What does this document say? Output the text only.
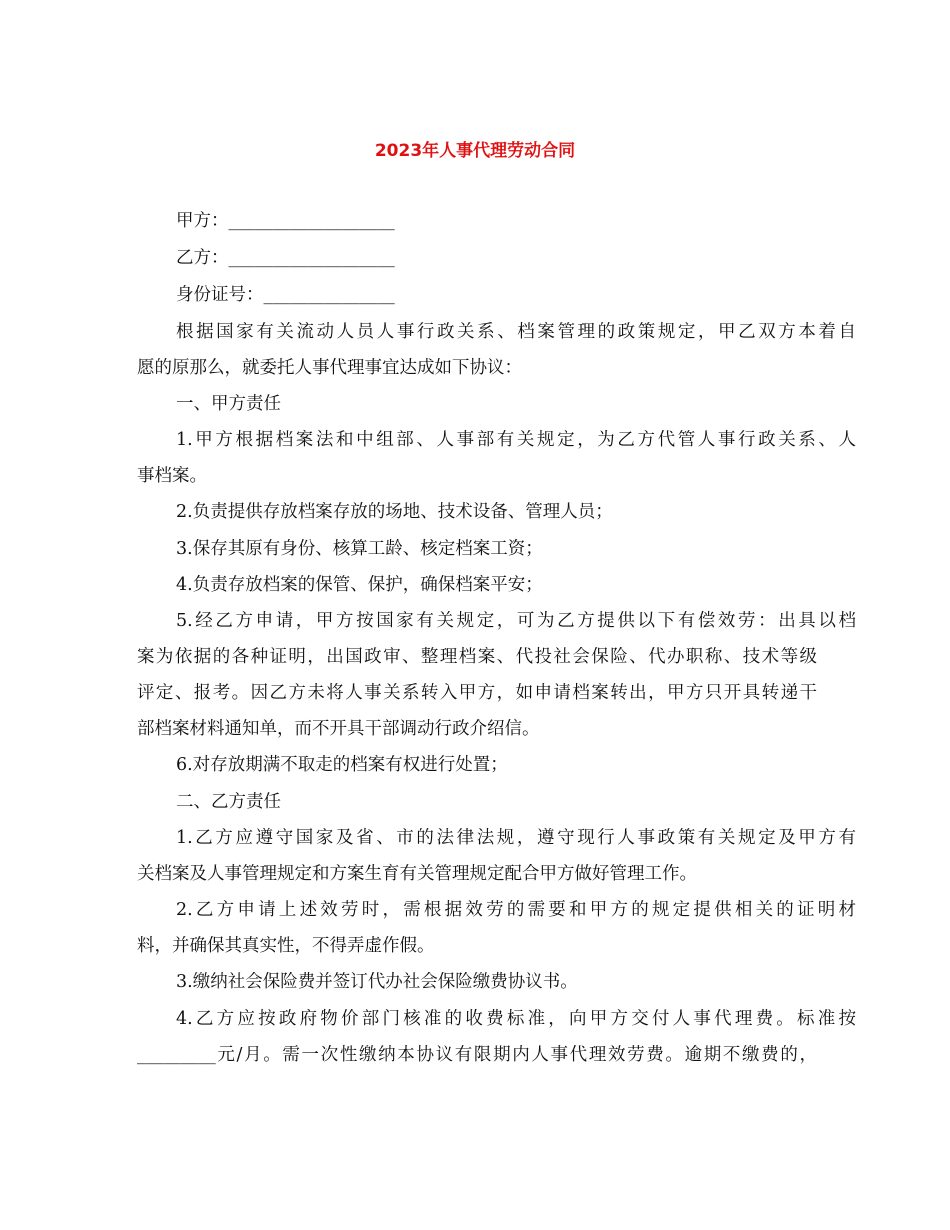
2023年人事代理劳动合同
甲方：___________________
乙方：___________________
身份证号：_______________
根据国家有关流动人员人事行政关系、档案管理的政策规定，甲乙双方本着自
愿的原那么，就委托人事代理事宜达成如下协议：
一、甲方责任
1.甲方根据档案法和中组部、人事部有关规定，为乙方代管人事行政关系、人
事档案。
2.负责提供存放档案存放的场地、技术设备、管理人员；
3.保存其原有身份、核算工龄、核定档案工资；
4.负责存放档案的保管、保护，确保档案平安；
5.经乙方申请，甲方按国家有关规定，可为乙方提供以下有偿效劳：出具以档
案为依据的各种证明，出国政审、整理档案、代投社会保险、代办职称、技术等级
评定、报考。因乙方未将人事关系转入甲方，如申请档案转出，甲方只开具转递干
部档案材料通知单，而不开具干部调动行政介绍信。
6.对存放期满不取走的档案有权进行处置；
二、乙方责任
1.乙方应遵守国家及省、市的法律法规，遵守现行人事政策有关规定及甲方有
关档案及人事管理规定和方案生育有关管理规定配合甲方做好管理工作。
2.乙方申请上述效劳时，需根据效劳的需要和甲方的规定提供相关的证明材
料，并确保其真实性，不得弄虚作假。
3.缴纳社会保险费并签订代办社会保险缴费协议书。
4.乙方应按政府物价部门核准的收费标准，向甲方交付人事代理费。标准按
_________元/月。需一次性缴纳本协议有限期内人事代理效劳费。逾期不缴费的，
